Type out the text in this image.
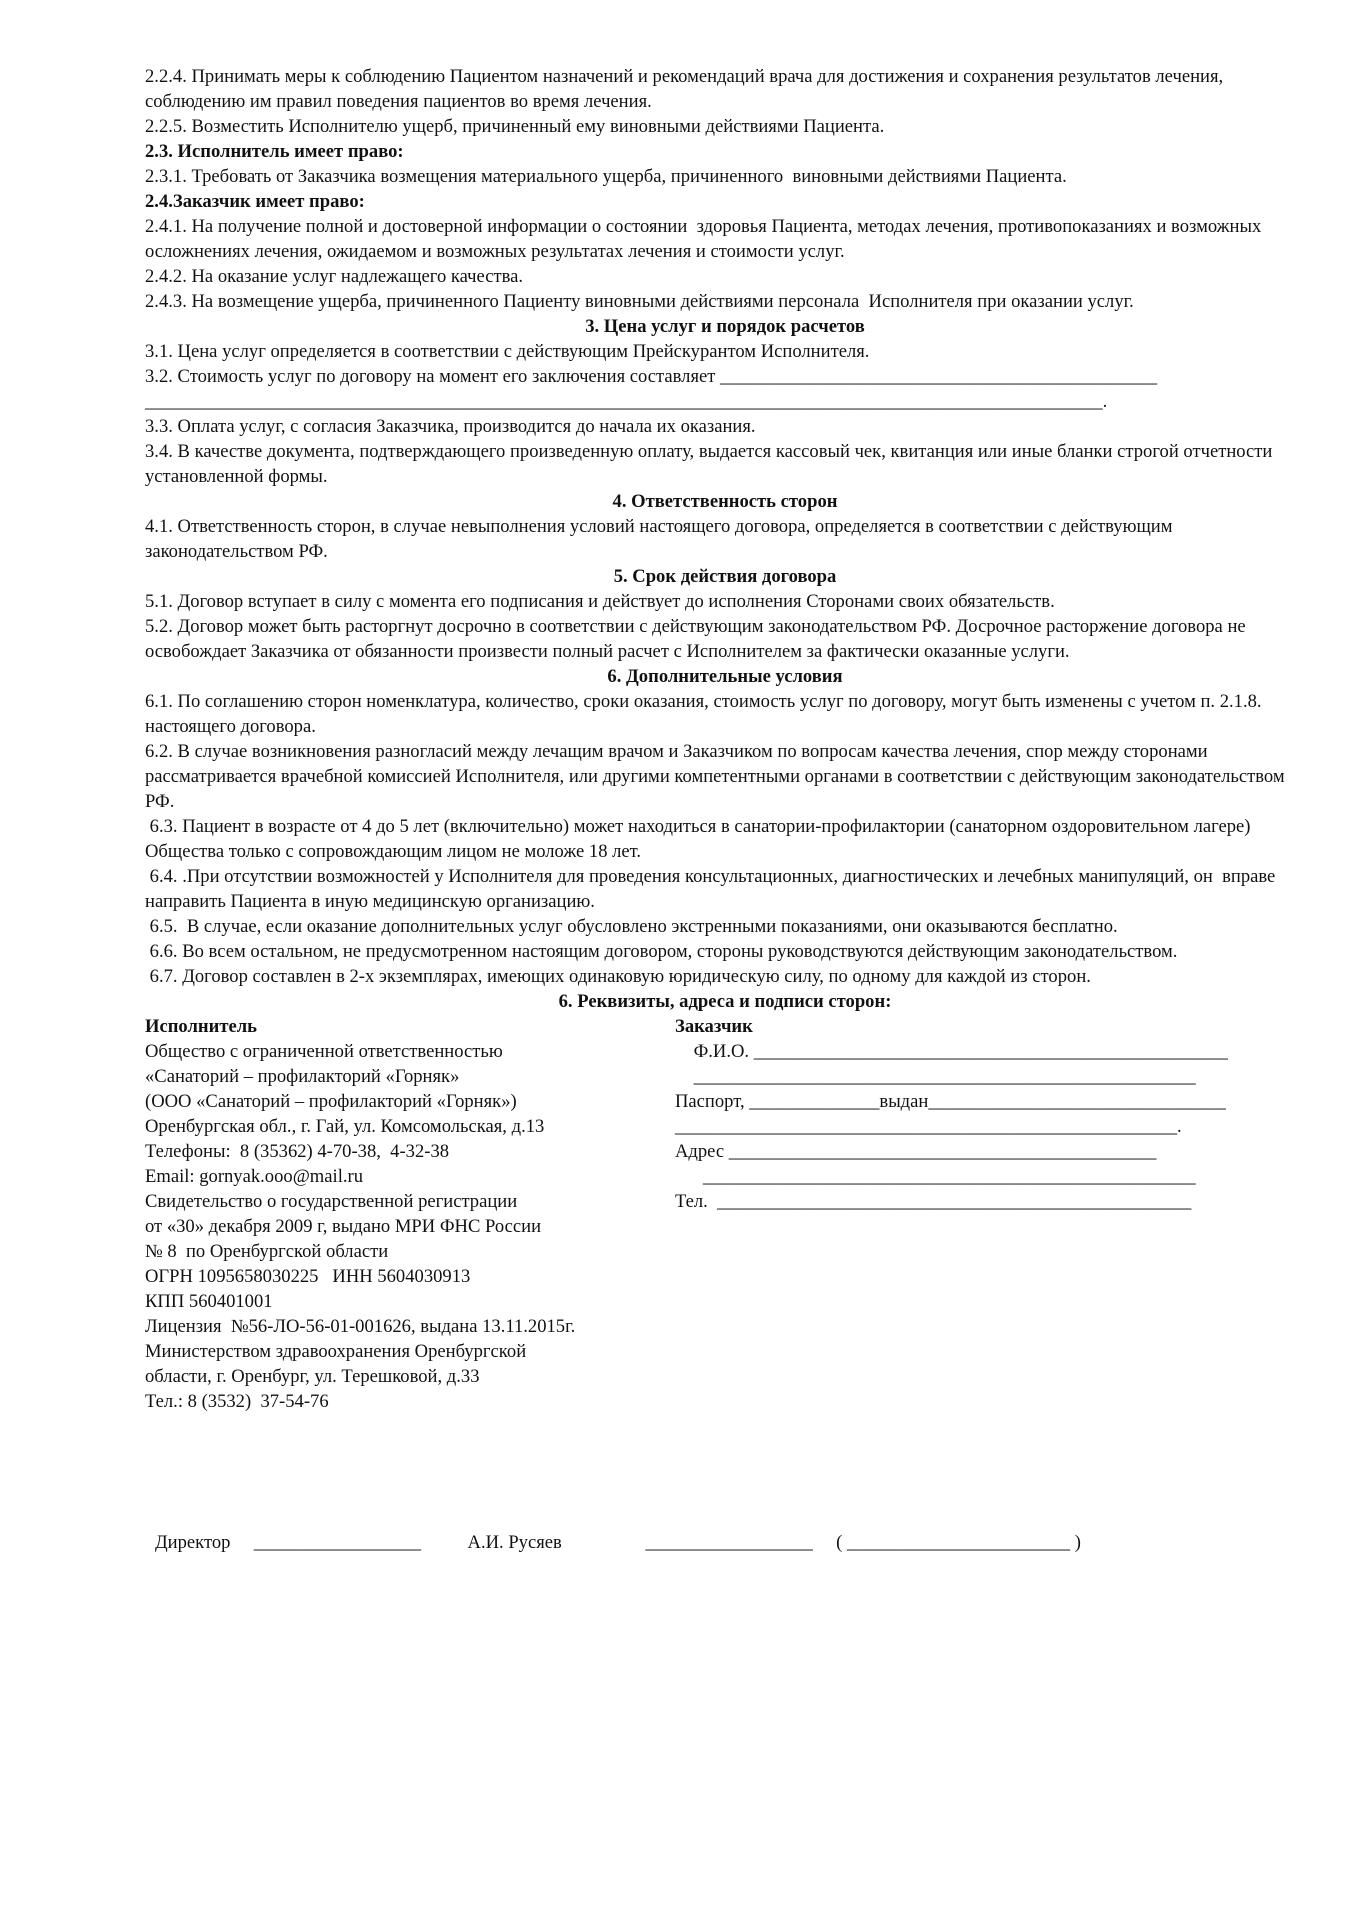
2.2.4. Принимать меры к соблюдению Пациентом назначений и рекомендаций врача для достижения и сохранения результатов лечения, соблюдению им правил поведения пациентов во время лечения.

2.2.5. Возместить Исполнителю ущерб, причиненный ему виновными действиями Пациента.

2.3. Исполнитель имеет право:

2.3.1. Требовать от Заказчика возмещения материального ущерба, причиненного  виновными действиями Пациента.

2.4.Заказчик имеет право:

2.4.1. На получение полной и достоверной информации о состоянии  здоровья Пациента, методах лечения, противопоказаниях и возможных осложнениях лечения, ожидаемом и возможных результатах лечения и стоимости услуг.

2.4.2. На оказание услуг надлежащего качества.

2.4.3. На возмещение ущерба, причиненного Пациенту виновными действиями персонала  Исполнителя при оказании услуг.

3. Цена услуг и порядок расчетов

3.1. Цена услуг определяется в соответствии с действующим Прейскурантом Исполнителя.

3.2. Стоимость услуг по договору на момент его заключения составляет _______________________________________________

_______________________________________________________________________________________________________.

3.3. Оплата услуг, с согласия Заказчика, производится до начала их оказания.

3.4. В качестве документа, подтверждающего произведенную оплату, выдается кассовый чек, квитанция или иные бланки строгой отчетности установленной формы.

4. Ответственность сторон

4.1. Ответственность сторон, в случае невыполнения условий настоящего договора, определяется в соответствии с действующим законодательством РФ.

5. Срок действия договора

5.1. Договор вступает в силу с момента его подписания и действует до исполнения Сторонами своих обязательств.

5.2. Договор может быть расторгнут досрочно в соответствии с действующим законодательством РФ. Досрочное расторжение договора не освобождает Заказчика от обязанности произвести полный расчет с Исполнителем за фактически оказанные услуги.

6. Дополнительные условия

6.1. По соглашению сторон номенклатура, количество, сроки оказания, стоимость услуг по договору, могут быть изменены с учетом п. 2.1.8. настоящего договора.

6.2. В случае возникновения разногласий между лечащим врачом и Заказчиком по вопросам качества лечения, спор между сторонами рассматривается врачебной комиссией Исполнителя, или другими компетентными органами в соответствии с действующим законодательством РФ.

6.3. Пациент в возрасте от 4 до 5 лет (включительно) может находиться в санатории-профилактории (санаторном оздоровительном лагере) Общества только с сопровождающим лицом не моложе 18 лет.

6.4. .При отсутствии возможностей у Исполнителя для проведения консультационных, диагностических и лечебных манипуляций, он  вправе направить Пациента в иную медицинскую организацию.

6.5.  В случае, если оказание дополнительных услуг обусловлено экстренными показаниями, они оказываются бесплатно.

6.6. Во всем остальном, не предусмотренном настоящим договором, стороны руководствуются действующим законодательством.

6.7. Договор составлен в 2-х экземплярах, имеющих одинаковую юридическую силу, по одному для каждой из сторон.

6. Реквизиты, адреса и подписи сторон:

Исполнитель

Общество с ограниченной ответственностью

«Санаторий – профилакторий «Горняк»

(ООО «Санаторий – профилакторий «Горняк»)

Оренбургская обл., г. Гай, ул. Комсомольская, д.13

Телефоны:  8 (35362) 4-70-38,  4-32-38

Email: gornyak.ooo@mail.ru

Свидетельство о государственной регистрации

от «30» декабря 2009 г, выдано МРИ ФНС России

№ 8  по Оренбургской области

ОГРН 1095658030225   ИНН 5604030913

КПП 560401001

Лицензия  №56-ЛО-56-01-001626, выдана 13.11.2015г.

Министерством здравоохранения Оренбургской

области, г. Оренбург, ул. Терешковой, д.33

Тел.: 8 (3532)  37-54-76

Заказчик

Ф.И.О. ___________________________________________________

______________________________________________________

Паспорт, ______________выдан________________________________

______________________________________________________.

Адрес ______________________________________________

_____________________________________________________

Тел.  ___________________________________________________

Директор __________________ А.И. Русяев	__________________ ( ________________________ )
